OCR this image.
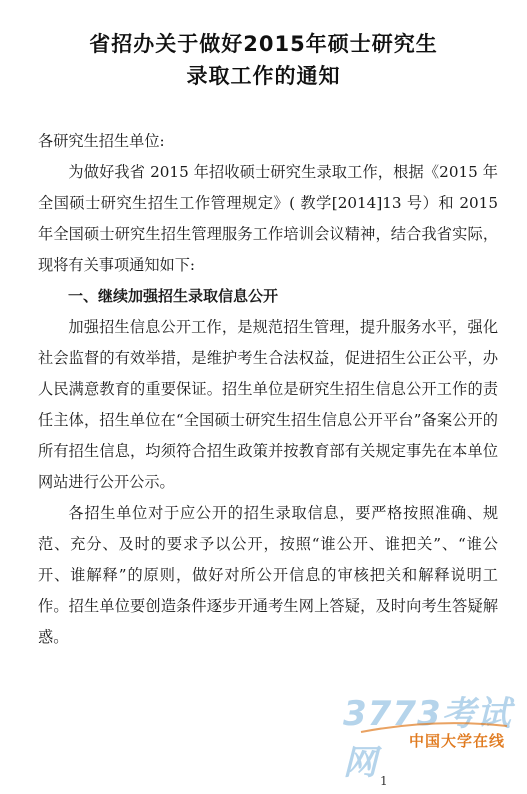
省招办关于做好2015年硕士研究生
录取工作的通知

各研究生招生单位:

为做好我省 2015 年招收硕士研究生录取工作，根据《2015 年全国硕士研究生招生工作管理规定》( 教学[2014]13 号）和 2015 年全国硕士研究生招生管理服务工作培训会议精神，结合我省实际，现将有关事项通知如下:

一、继续加强招生录取信息公开

加强招生信息公开工作，是规范招生管理，提升服务水平，强化社会监督的有效举措，是维护考生合法权益，促进招生公正公平，办人民满意教育的重要保证。招生单位是研究生招生信息公开工作的责任主体，招生单位在“全国硕士研究生招生信息公开平台”备案公开的所有招生信息，均须符合招生政策并按教育部有关规定事先在本单位网站进行公开公示。

各招生单位对于应公开的招生录取信息，要严格按照准确、规范、充分、及时的要求予以公开，按照“谁公开、谁把关”、“谁公开、谁解释”的原则，做好对所公开信息的审核把关和解释说明工作。招生单位要创造条件逐步开通考生网上答疑，及时向考生答疑解惑。

1
3773考试网
中国大学在线
